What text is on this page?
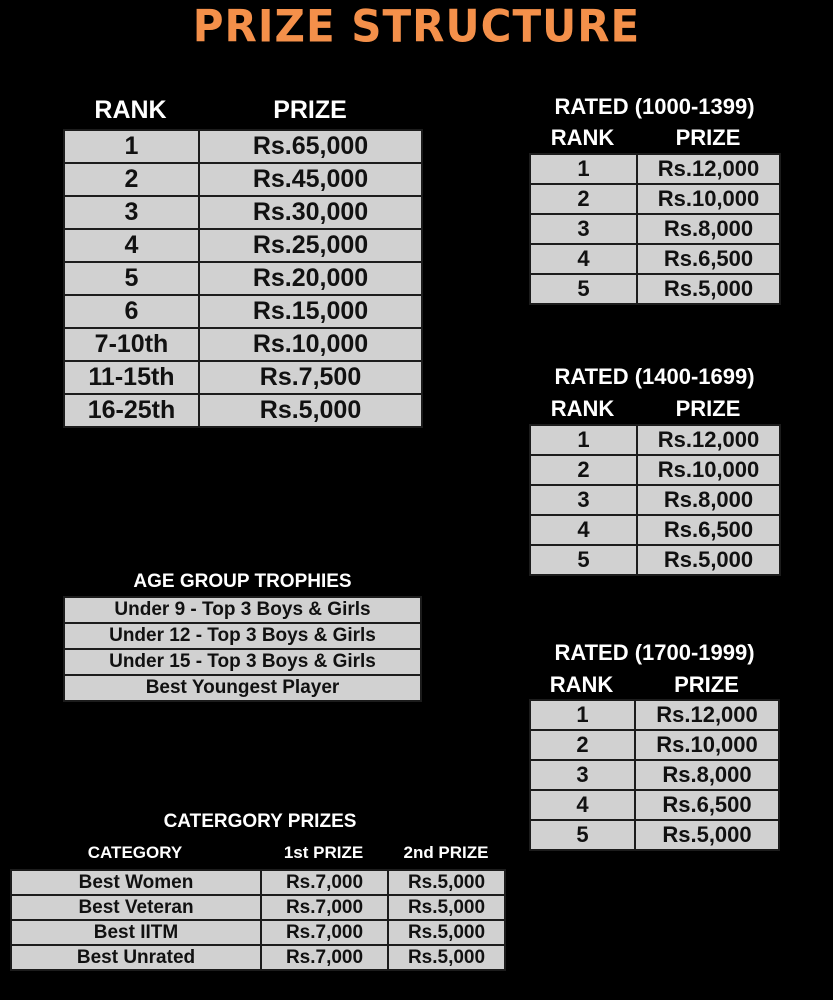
PRIZE STRUCTURE
RANK	PRIZE
1	Rs.65,000
2	Rs.45,000
3	Rs.30,000
4	Rs.25,000
5	Rs.20,000
6	Rs.15,000
7-10th	Rs.10,000
11-15th	Rs.7,500
16-25th	Rs.5,000
RATED (1000-1399)
RANK	PRIZE
1	Rs.12,000
2	Rs.10,000
3	Rs.8,000
4	Rs.6,500
5	Rs.5,000
RATED (1400-1699)
RANK	PRIZE
1	Rs.12,000
2	Rs.10,000
3	Rs.8,000
4	Rs.6,500
5	Rs.5,000
RATED (1700-1999)
RANK	PRIZE
1	Rs.12,000
2	Rs.10,000
3	Rs.8,000
4	Rs.6,500
5	Rs.5,000
AGE GROUP TROPHIES
Under 9 - Top 3 Boys & Girls
Under 12 - Top 3 Boys & Girls
Under 15 - Top 3 Boys & Girls
Best Youngest Player
CATERGORY PRIZES
CATEGORY	1st PRIZE	2nd PRIZE
Best Women	Rs.7,000	Rs.5,000
Best Veteran	Rs.7,000	Rs.5,000
Best IITM	Rs.7,000	Rs.5,000
Best Unrated	Rs.7,000	Rs.5,000
